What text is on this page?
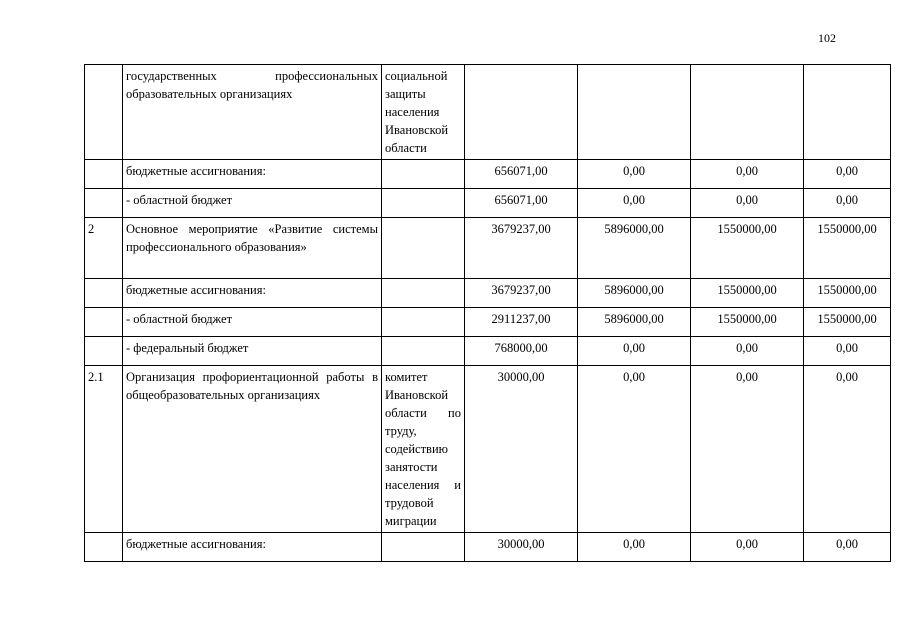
102
	государственных профессиональных образовательных организациях	социальной защиты населения Ивановской области				
	бюджетные ассигнования:		656071,00	0,00	0,00	0,00
	- областной бюджет		656071,00	0,00	0,00	0,00
2	Основное мероприятие «Развитие системы профессионального образования»		3679237,00	5896000,00	1550000,00	1550000,00
	бюджетные ассигнования:		3679237,00	5896000,00	1550000,00	1550000,00
	- областной бюджет		2911237,00	5896000,00	1550000,00	1550000,00
	- федеральный бюджет		768000,00	0,00	0,00	0,00
2.1	Организация профориентационной работы в общеобразовательных организациях	комитет Ивановской области по труду, содействию занятости населения и трудовой миграции	30000,00	0,00	0,00	0,00
	бюджетные ассигнования:		30000,00	0,00	0,00	0,00
